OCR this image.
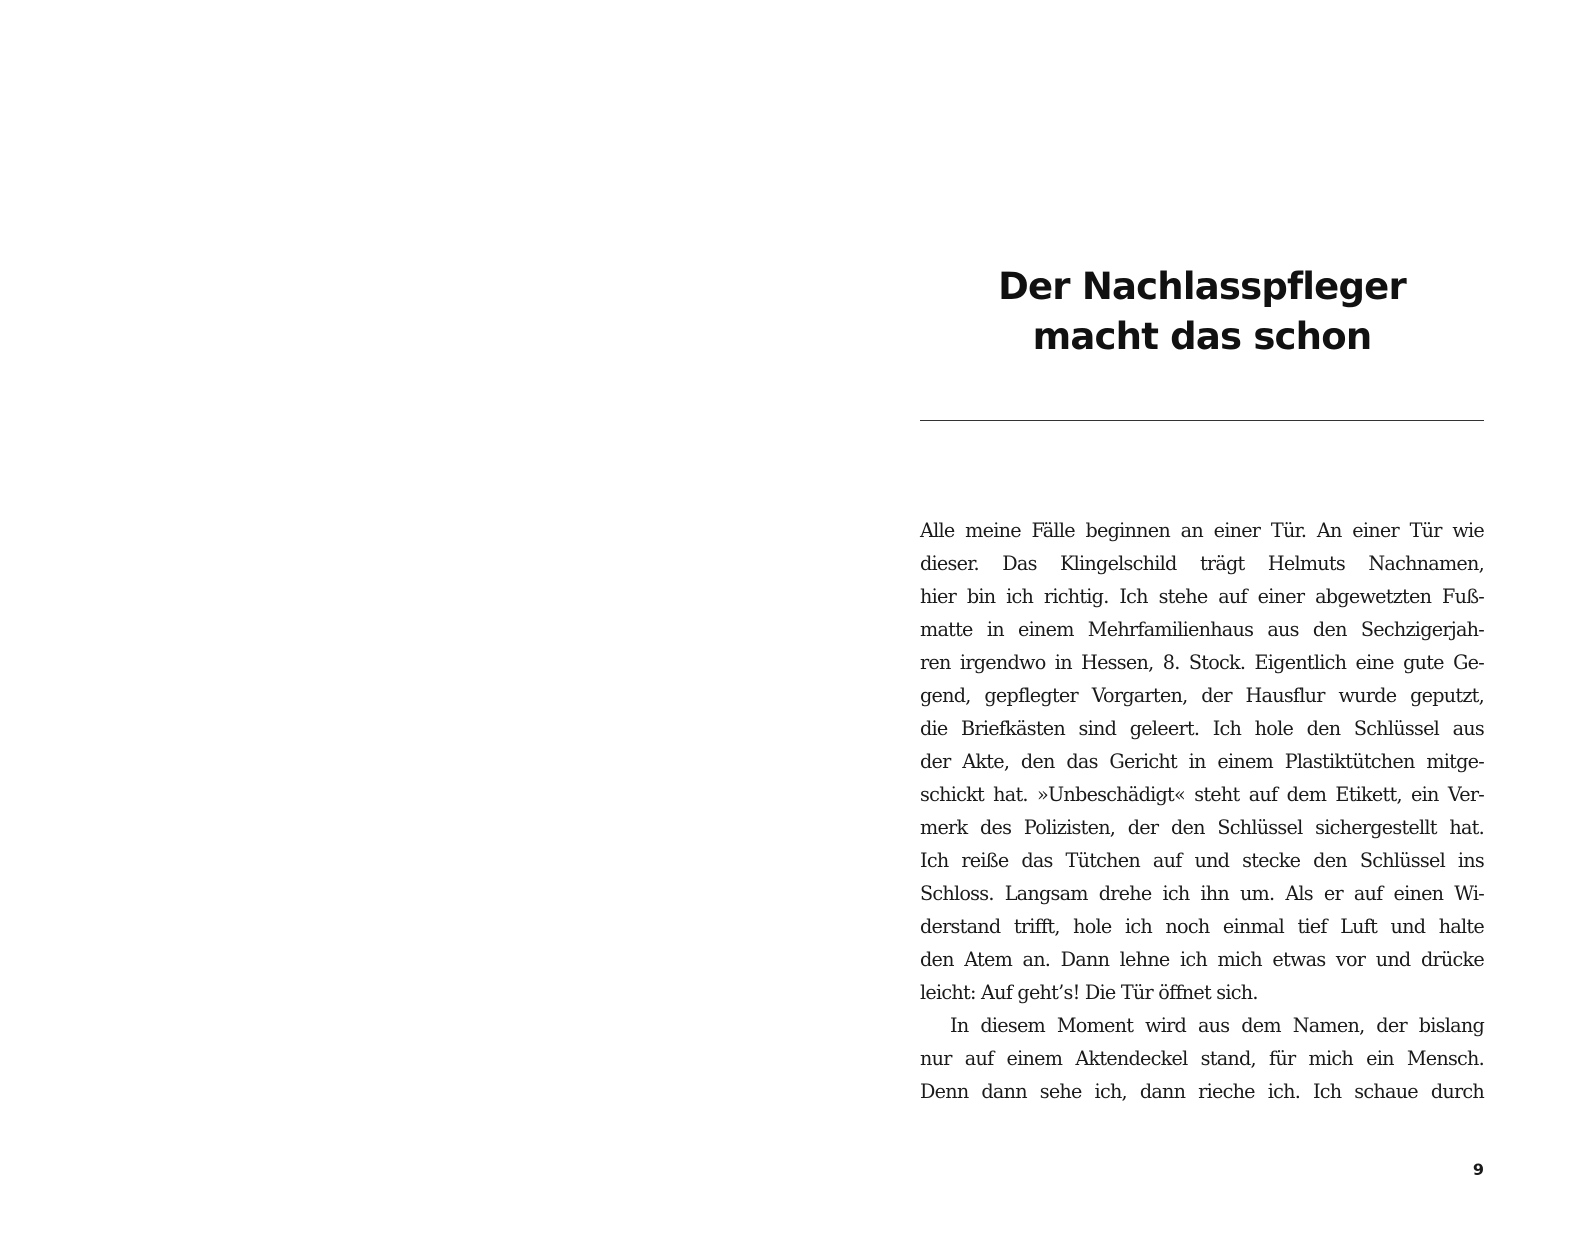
Der Nachlasspfleger
macht das schon
Alle meine Fälle beginnen an einer Tür. An einer Tür wie
dieser. Das Klingelschild trägt Helmuts Nachnamen,
hier bin ich richtig. Ich stehe auf einer abgewetzten Fuß-
matte in einem Mehrfamilienhaus aus den Sechzigerjah-
ren irgendwo in Hessen, 8. Stock. Eigentlich eine gute Ge-
gend, gepflegter Vorgarten, der Hausflur wurde geputzt,
die Briefkästen sind geleert. Ich hole den Schlüssel aus
der Akte, den das Gericht in einem Plastiktütchen mitge-
schickt hat. »Unbeschädigt« steht auf dem Etikett, ein Ver-
merk des Polizisten, der den Schlüssel sichergestellt hat.
Ich reiße das Tütchen auf und stecke den Schlüssel ins
Schloss. Langsam drehe ich ihn um. Als er auf einen Wi-
derstand trifft, hole ich noch einmal tief Luft und halte
den Atem an. Dann lehne ich mich etwas vor und drücke
leicht: Auf geht’s! Die Tür öffnet sich.
In diesem Moment wird aus dem Namen, der bislang
nur auf einem Aktendeckel stand, für mich ein Mensch.
Denn dann sehe ich, dann rieche ich. Ich schaue durch
9
